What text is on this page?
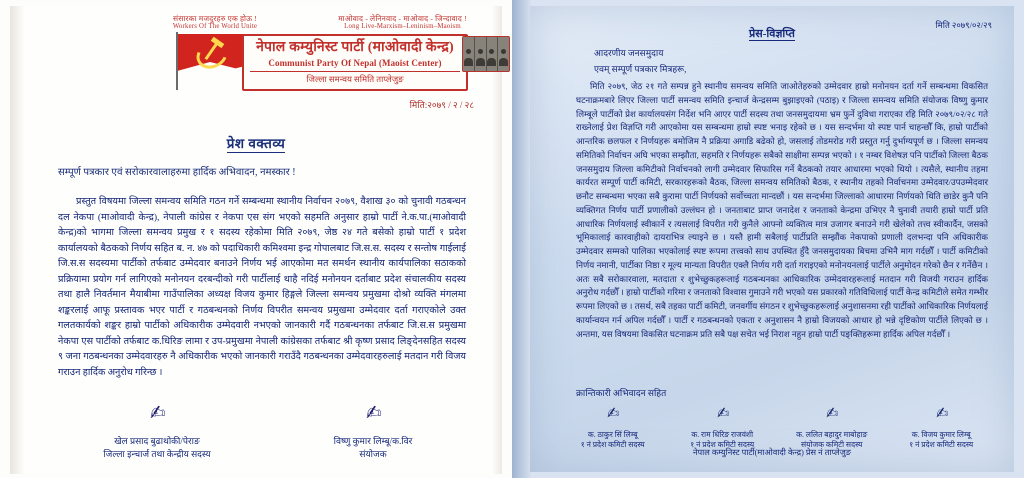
संसारका मजदुरहरु एक होऊ !
Workers Of The World Unite
माओवाद - लेनिनवाद - माओवाद - जिन्दावाद !
Long Live-Marxism–Leninism–Maoism
नेपाल कम्युनिस्ट पार्टी (माओवादी केन्द्र)
Communist Party Of Nepal (Maoist Center)
जिल्ला समन्वय समिति ताप्लेजुङ
मिति:२०७९ / २ / २८
प्रेश वक्तव्य
सम्पूर्ण पत्रकार एवं सरोकारवालाहरुमा हार्दिक अभिवादन, नमस्कार !
प्रस्तुत विषयमा जिल्ला समन्वय समिति गठन गर्ने सम्बन्धमा स्थानीय निर्वाचन २०७९, वैशाख ३० को चुनावी गठबन्धन दल नेकपा (माओवादी केन्द्र), नेपाली कांग्रेस र नेकपा एस संग भएको सहमति अनुसार हाम्रो पार्टी ने.क.पा.(माओवादी केन्द्र)को भागमा जिल्ला समन्वय प्रमुख र १ सदस्य रहेकोमा मिति २०७९, जेष्ठ २४ गते बसेको हाम्रो पार्टी १ प्रदेश कार्यालयको बैठकको निर्णय सहित ब. न. ४७ को पदाधिकारी कमिश्वमा इन्द्र गोपालबाट जि.स.स. सदस्य र सन्तोष गाईलाई जि.स.स सदस्यमा पार्टीको तर्फबाट उम्मेदवार बनाउने निर्णय भई आएकोमा मत समर्थन स्थानीय कार्यपालिका सठाकको प्रक्रियामा प्रयोग गर्न लागिएको मनोनयन दरबन्दीको गरी पार्टीलाई थाहै नदिई मनोनयन दर्ताबाट प्रदेश संचालकीय सदस्य तथा हालै निवर्तमान मैयाबीमा गाउँपालिका अध्यक्ष विजय कुमार हिङ्गले जिल्ला समन्वय प्रमुखमा दोश्रो व्यक्ति मंगलमा शङ्करलाई आफू प्रस्तावक भएर पार्टी र गठबन्धनको निर्णय विपरीत समन्वय प्रमुखमा उम्मेदवार दर्ता गराएकोले उक्त गलतकार्यको शङ्कर हाम्रो पार्टीको अधिकारीक उम्मेदवारी नभएको जानकारी गर्दै गठबन्धनका तर्फबाट जि.स.स प्रमुखमा नेकपा एस पार्टीको तर्फबाट क.धिरिङ लामा र उप-प्रमुखमा नेपाली कांग्रेसका तर्फबाट श्री कृष्ण प्रसाद लिङ्देनसहित सदस्य ९ जना गठबन्धनका उम्मेदवारहरु नै अधिकारीक भएको जानकारी गराउँदै गठबन्धनका उम्मेदवारहरुलाई मतदान गरी विजय गराउन हार्दिक अनुरोध गरिन्छ ।
✍
खेल प्रसाद बुढाथोकी/पेराङ
जिल्ला इन्चार्ज तथा केन्द्रीय सदस्य
✍
विष्णु कुमार लिम्बू/क.विर
संयोजक
मिति २०७९/०२/२९
प्रेस-विज्ञप्ति
आदरणीय जनसमुदाय
एवम् सम्पूर्ण पत्रकार मित्रहरू,
मिति २०७९, जेठ २१ गते सम्पन्न हुने स्थानीय समन्वय समिति जाओतेहरुको उम्मेदवार हाम्रो मनोनयन दर्ता गर्ने सम्बन्धमा विकसित घटनाक्रमबारे लिएर जिल्ला पार्टी समन्वय समिति इन्चार्ज केन्द्रसम्म बुझाइएको (पठाइ) र जिल्ला समन्वय समिति संयोजक विष्णु कुमार लिम्बूले पार्टीको प्रेश कार्यालयसंग निर्देश भनि आएर पार्टी सदस्य तथा जनसमुदायमा भ्रम फुर्ने दुविधा गराएका रहि मिति २०७९/०२/२८ गते राख्नेलाई प्रेश विज्ञप्ति गरी आएकोमा यस सम्बन्धमा हाम्रो स्पष्ट भनाइ रहेको छ । यस सन्दर्भमा यो स्पष्ट पार्न चाहन्छौँ कि, हाम्रो पार्टीको आन्तरिक छलफल र निर्णयहरू बमोजिम नै प्रक्रिया अगाडि बढेको हो, जसलाई तोडमरोड गरी प्रस्तुत गर्नु दुर्भाग्यपूर्ण छ । जिल्ला समन्वय समितिको निर्वाचन अघि भएका सम्झौता, सहमति र निर्णयहरू सबैको साक्षीमा सम्पन्न भएको । १ नम्बर विशेषज्ञ पनि पार्टीको जिल्ला बैठक जनसमुदाय जिल्ला कमिटीको निर्वाचनको लागी उम्मेदवार सिफारिस गर्ने बैठकको तयार आधारमा भएको थियो । त्यसैले, स्थानीय तहमा कार्यरत सम्पूर्ण पार्टी कमिटी, सरकारहरूको बैठक, जिल्ला समन्वय समितिको बैठक, र स्थानीय तहको निर्वाचनमा उम्मेदवार/उपउम्मेदवार छनौट सम्बन्धमा भएका सबै कुरामा पार्टी निर्णयको सर्वोच्चता मान्दछौं । यस सन्दर्भमा जिल्लाको आधारमा निर्णयको थिति छाडेर कुनै पनि व्यक्तिगत निर्णय पार्टी प्रणालीको उल्लंघन हो । जनताबाट प्राप्त जनादेश र जनताको केन्द्रमा उभिएर नै चुनावी तयारी हाम्रो पार्टी प्रति आधारिक निर्णयलाई स्वीकार्ने र त्यसलाई विपरीत गरी कुनैले आफ्नो व्यक्तित्व मात्र उजागर बनाउने गरी खेलेको तत्त्व स्वीकार्दैन, जसको भूमिकालाई कारवाहीको दायराभित्र ल्याइने छ । यस्तै हामी सबैलाई पार्टीप्रति सम्झौंक नेकपाको प्रणाली दलभन्दा पनि अधिकारीक उम्मेदवार सम्मको पालिका भएकोलाई स्पष्ट रूपमा तत्त्वको साथ उपस्थित हुँदै जनसमुदायका बिचमा उभिनै माग गर्दछौँ । पार्टी कमिटीको निर्णय नमानी, पार्टीका निष्ठा र मूल्य मान्यता विपरीत एक्लै निर्णय गरी दर्ता गराइएको मनोनयनलाई पार्टीले अनुमोदन गरेको छैन र गर्नेछैन । अतः सबै सरोकारवाला, मतदाता र शुभेच्छुकहरूलाई गठबन्धनका आधिकारिक उम्मेदवारहरूलाई मतदान गरी विजयी गराउन हार्दिक अनुरोध गर्दछौँ । हाम्रो पार्टीको गरिमा र जनताको विश्वास गुमाउने गरी भएको यस प्रकारको गतिविधिलाई पार्टी केन्द्र कमिटीले समेत गम्भीर रूपमा लिएको छ । तसर्थ, सबै तहका पार्टी कमिटी, जनवर्गीय संगठन र शुभेच्छुकहरूलाई अनुशासनमा रही पार्टीको आधिकारिक निर्णयलाई कार्यान्वयन गर्न अपिल गर्दछौँ । पार्टी र गठबन्धनको एकता र अनुशासन नै हाम्रो विजयको आधार हो भन्ने दृष्टिकोण पार्टीले लिएको छ । अन्तमा, यस विषयमा विकसित घटनाक्रम प्रति सबै पक्ष सचेत भई निराश नहुन हाम्रो पार्टी पङ्क्तिहरूमा हार्दिक अपिल गर्दछौँ ।
क्रान्तिकारी अभिवादन सहित
✍
क. ठाकुर सिं लिम्बू
१ नं प्रदेश कमिटी सदस्य
✍
क. राम धिरिङ राजवंशी
१ नं प्रदेश कमिटी सदस्य
✍
क. ललित बहादुर माबोहाङ
संयोजक कमिटी सदस्य
✍
क. विजय कुमार लिम्बू
१ नं प्रदेश कमिटी सदस्य
नेपाल कम्युनिस्ट पार्टी(माओवादी केन्द्र) प्रेस नं ताप्लेजुङ
